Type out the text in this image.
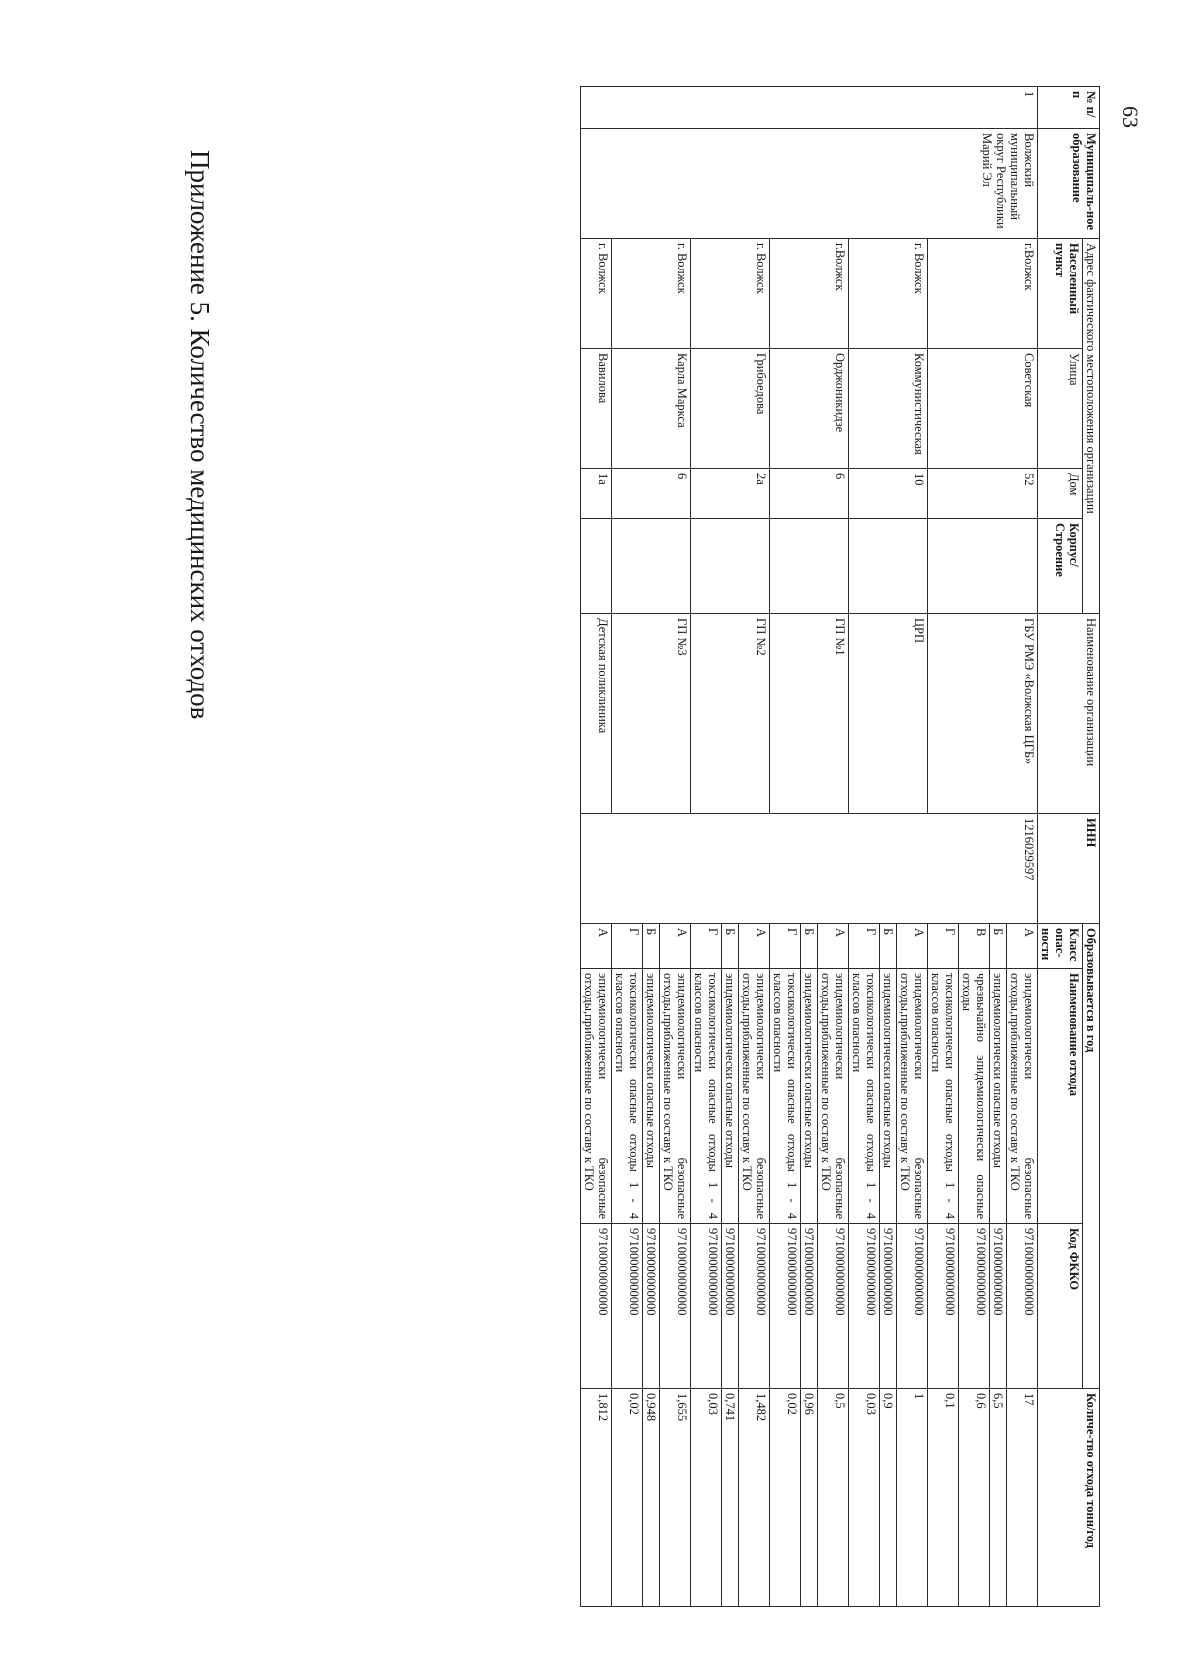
63
Приложение 5. Количество медицинских отходов
№ п/п	Муниципаль-ное образование	Адрес фактического местоположения организации				Наименование организации	ИНН	Образовывается в год			Количе-тво отхода тонн/год
		Населенный пункт	Улица	Дом	Корпус/ Строение			Класс опас-ности	Наименование отхода	Код ФККО	
1	Волжский муниципальный округ Республики Марий Эл	г.Волжск	Советская	52		ГБУ РМЭ «Волжская ЦГБ»	1216029597	А	эпидемиологически безопасные отходы,приближенные по составу к ТКО	97100000000000	17
								Б	эпидемиологически опасные отходы	97100000000000	6,5
								В	чрезвычайно эпидемиологически опасные отходы	97100000000000	0,6
								Г	токсикологически опасные отходы 1 - 4 классов опасности	97100000000000	0,1
		г. Волжск	Коммунистическая	10		ЦРП		А	эпидемиологически безопасные отходы,приближенные по составу к ТКО	97100000000000	1
								Б	эпидемиологически опасные отходы	97100000000000	0,9
								Г	токсикологически опасные отходы 1 - 4 классов опасности	97100000000000	0,03
		г.Волжск	Орджоникидзе	6		ГП №1		А	эпидемиологически безопасные отходы,приближенные по составу к ТКО	97100000000000	0,5
								Б	эпидемиологически опасные отходы	97100000000000	0,96
								Г	токсикологически опасные отходы 1 - 4 классов опасности	97100000000000	0,02
		г. Волжск	Грибоедова	2а		ГП №2		А	эпидемиологически безопасные отходы,приближенные по составу к ТКО	97100000000000	1,482
								Б	эпидемиологически опасные отходы	97100000000000	0,741
								Г	токсикологически опасные отходы 1 - 4 классов опасности	97100000000000	0,03
		г. Волжск	Карла Маркса	6		ГП №3		А	эпидемиологически безопасные отходы,приближенные по составу к ТКО	97100000000000	1,655
								Б	эпидемиологически опасные отходы	97100000000000	0,948
								Г	токсикологически опасные отходы 1 - 4 классов опасности	97100000000000	0,02
		г. Волжск	Вавилова	1а		Детская поликлиника		А	эпидемиологически безопасные отходы,приближенные по составу к ТКО	97100000000000	1,812
